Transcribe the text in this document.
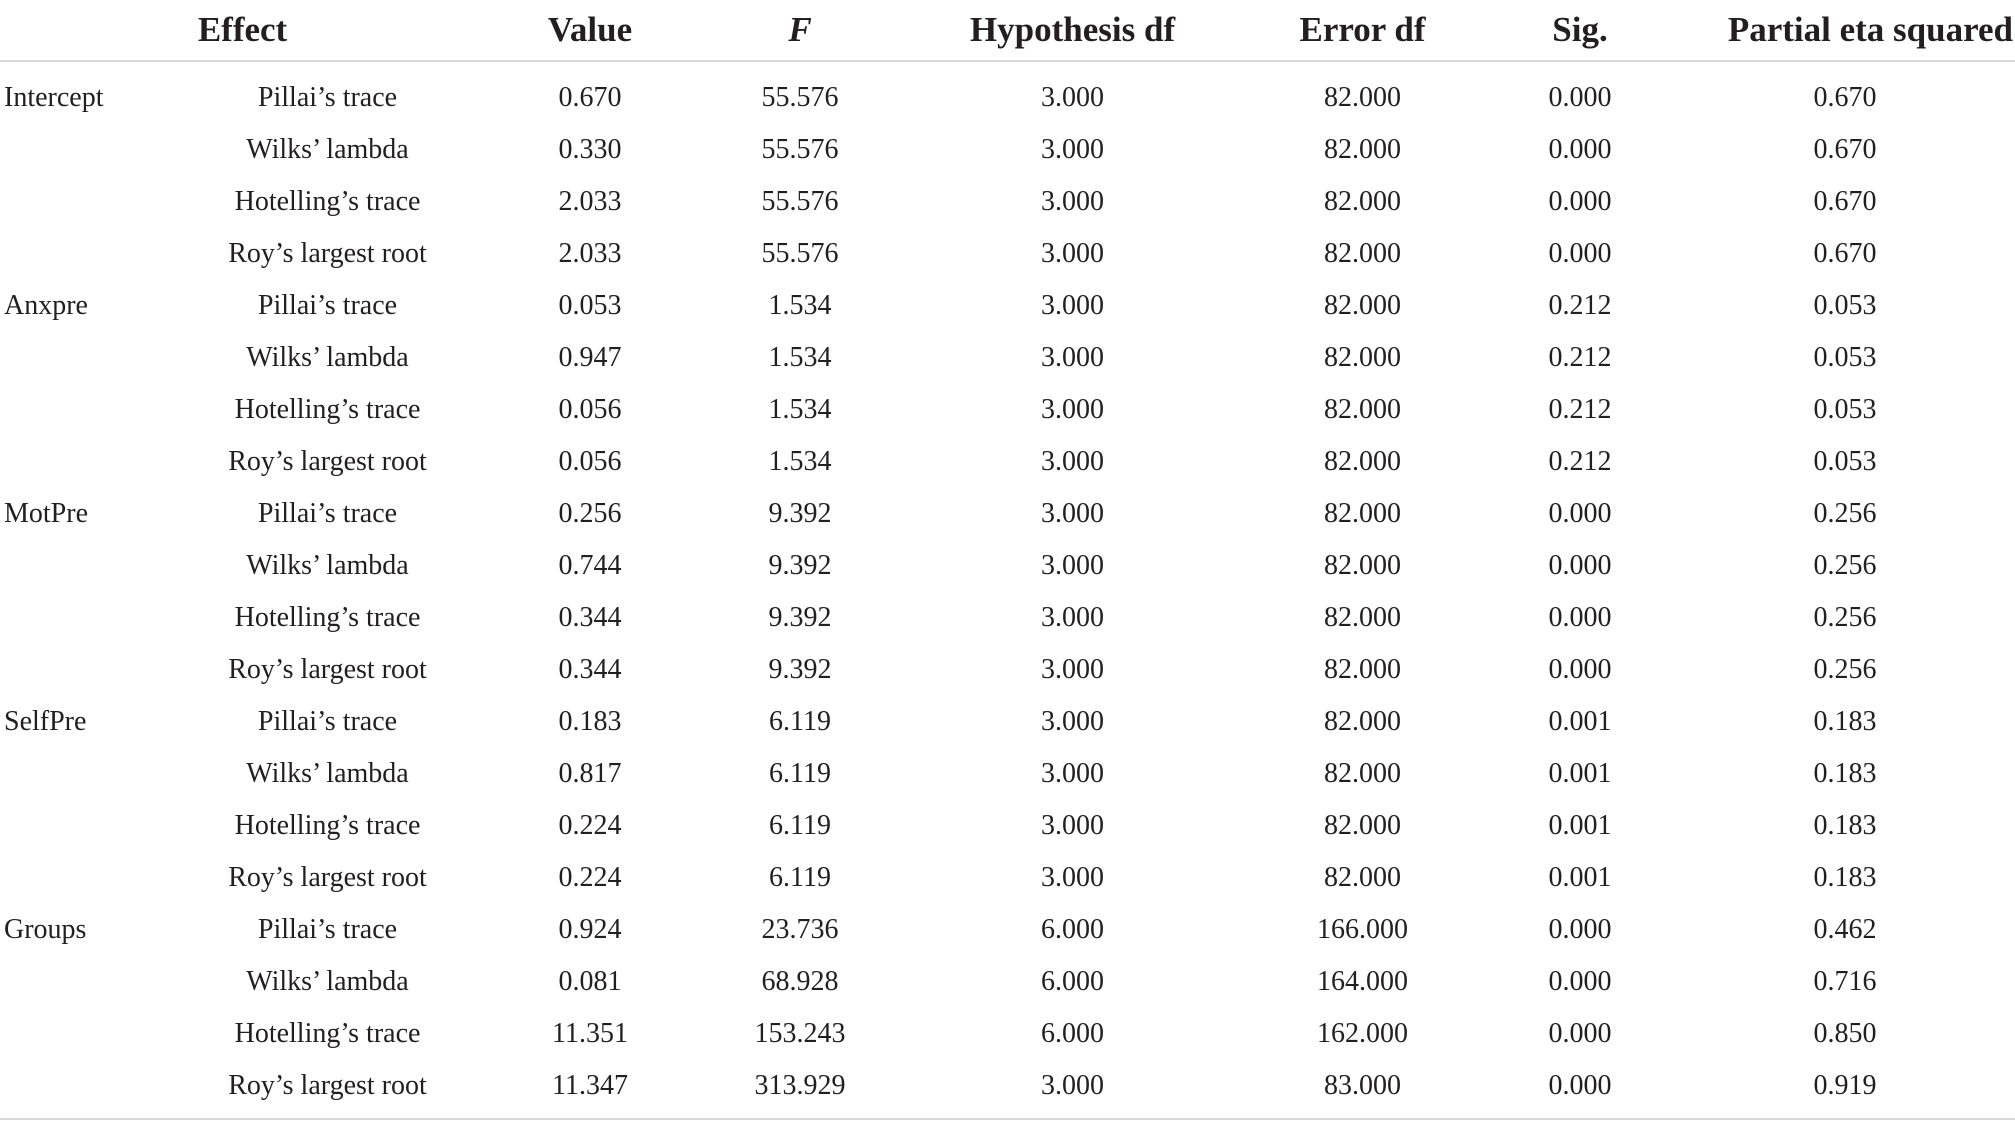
Effect		Value	F	Hypothesis df	Error df	Sig.	Partial eta squared
Intercept	Pillai’s trace	0.670	55.576	3.000	82.000	0.000	0.670
	Wilks’ lambda	0.330	55.576	3.000	82.000	0.000	0.670
	Hotelling’s trace	2.033	55.576	3.000	82.000	0.000	0.670
	Roy’s largest root	2.033	55.576	3.000	82.000	0.000	0.670
Anxpre	Pillai’s trace	0.053	1.534	3.000	82.000	0.212	0.053
	Wilks’ lambda	0.947	1.534	3.000	82.000	0.212	0.053
	Hotelling’s trace	0.056	1.534	3.000	82.000	0.212	0.053
	Roy’s largest root	0.056	1.534	3.000	82.000	0.212	0.053
MotPre	Pillai’s trace	0.256	9.392	3.000	82.000	0.000	0.256
	Wilks’ lambda	0.744	9.392	3.000	82.000	0.000	0.256
	Hotelling’s trace	0.344	9.392	3.000	82.000	0.000	0.256
	Roy’s largest root	0.344	9.392	3.000	82.000	0.000	0.256
SelfPre	Pillai’s trace	0.183	6.119	3.000	82.000	0.001	0.183
	Wilks’ lambda	0.817	6.119	3.000	82.000	0.001	0.183
	Hotelling’s trace	0.224	6.119	3.000	82.000	0.001	0.183
	Roy’s largest root	0.224	6.119	3.000	82.000	0.001	0.183
Groups	Pillai’s trace	0.924	23.736	6.000	166.000	0.000	0.462
	Wilks’ lambda	0.081	68.928	6.000	164.000	0.000	0.716
	Hotelling’s trace	11.351	153.243	6.000	162.000	0.000	0.850
	Roy’s largest root	11.347	313.929	3.000	83.000	0.000	0.919
